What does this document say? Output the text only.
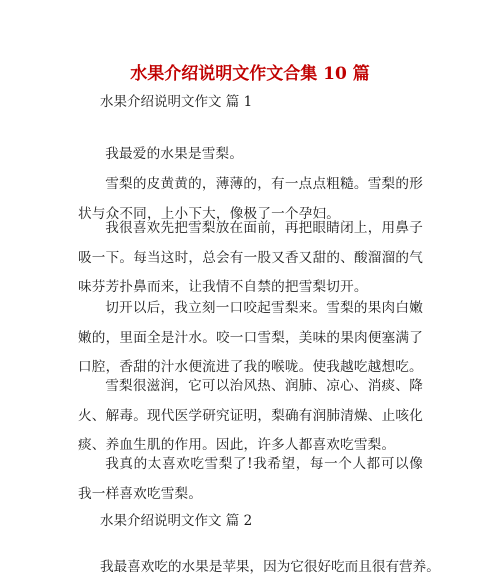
水果介绍说明文作文合集 10 篇
水果介绍说明文作文 篇 1

我最爱的水果是雪梨。

雪梨的皮黄黄的，薄薄的，有一点点粗糙。雪梨的形状与众不同，上小下大，像极了一个孕妇。

我很喜欢先把雪梨放在面前，再把眼睛闭上，用鼻子吸一下。每当这时，总会有一股又香又甜的、酸溜溜的气味芬芳扑鼻而来，让我情不自禁的把雪梨切开。

切开以后，我立刻一口咬起雪梨来。雪梨的果肉白嫩嫩的，里面全是汁水。咬一口雪梨，美味的果肉便塞满了口腔，香甜的汁水便流进了我的喉咙。使我越吃越想吃。

雪梨很滋润，它可以治风热、润肺、凉心、消痰、降火、解毒。现代医学研究证明，梨确有润肺清燥、止咳化痰、养血生肌的作用。因此，许多人都喜欢吃雪梨。

我真的太喜欢吃雪梨了!我希望，每一个人都可以像我一样喜欢吃雪梨。

水果介绍说明文作文 篇 2
我最喜欢吃的水果是苹果，因为它很好吃而且很有营养。
